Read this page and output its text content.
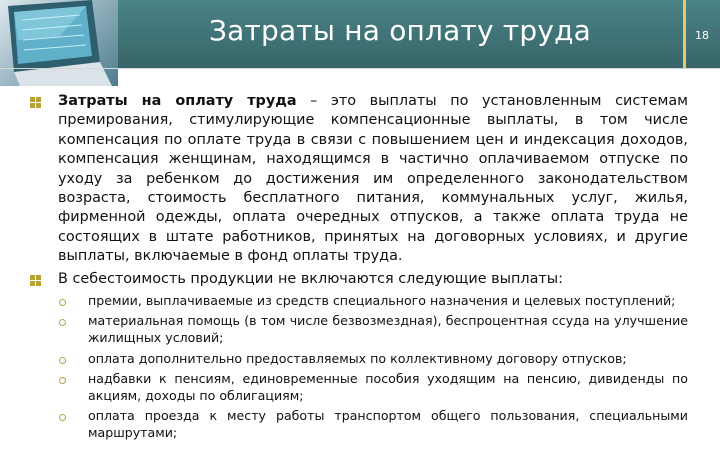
Затраты на оплату труда	18
Затраты на оплату труда – это выплаты по установленным системам премирования, стимулирующие компенсационные выплаты, в том числе компенсация по оплате труда в связи с повышением цен и индексация доходов, компенсация женщинам, находящимся в частично оплачиваемом отпуске по уходу за ребенком до достижения им определенного законодательством возраста, стоимость бесплатного питания, коммунальных услуг, жилья, фирменной одежды, оплата очередных отпусков, а также оплата труда не состоящих в штате работников, принятых на договорных условиях, и другие выплаты, включаемые в фонд оплаты труда.
В себестоимость продукции не включаются следующие выплаты:
премии, выплачиваемые из средств специального назначения и целевых поступлений;
материальная помощь (в том числе безвозмездная), беспроцентная ссуда на улучшение жилищных условий;
оплата дополнительно предоставляемых по коллективному договору отпусков;
надбавки к пенсиям, единовременные пособия уходящим на пенсию, дивиденды по акциям, доходы по облигациям;
оплата проезда к месту работы транспортом общего пользования, специальными маршрутами;
